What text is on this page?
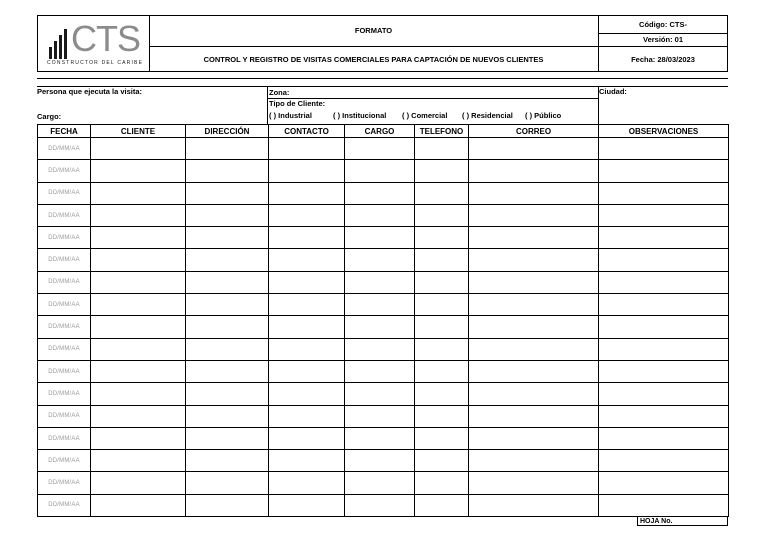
CTS
CONSTRUCTOR DEL CARIBE
FORMATO
CONTROL Y REGISTRO DE VISITAS COMERCIALES PARA CAPTACIÓN DE NUEVOS CLIENTES
Código: CTS-
Versión: 01
Fecha: 28/03/2023
Persona que ejecuta la visita:
Cargo:
Zona:
Tipo de Cliente:
Ciudad:
( ) Industrial	( ) Institucional ( ) Comercial ( ) Residencial ( ) Público
FECHA	CLIENTE	DIRECCIÓN	CONTACTO	CARGO	TELEFONO	CORREO	OBSERVACIONES
DD/MM/AA							
DD/MM/AA							
DD/MM/AA							
DD/MM/AA							
DD/MM/AA							
DD/MM/AA							
DD/MM/AA							
DD/MM/AA							
DD/MM/AA							
DD/MM/AA							
DD/MM/AA							
DD/MM/AA							
DD/MM/AA							
DD/MM/AA							
DD/MM/AA							
DD/MM/AA							
DD/MM/AA							
HOJA No.
